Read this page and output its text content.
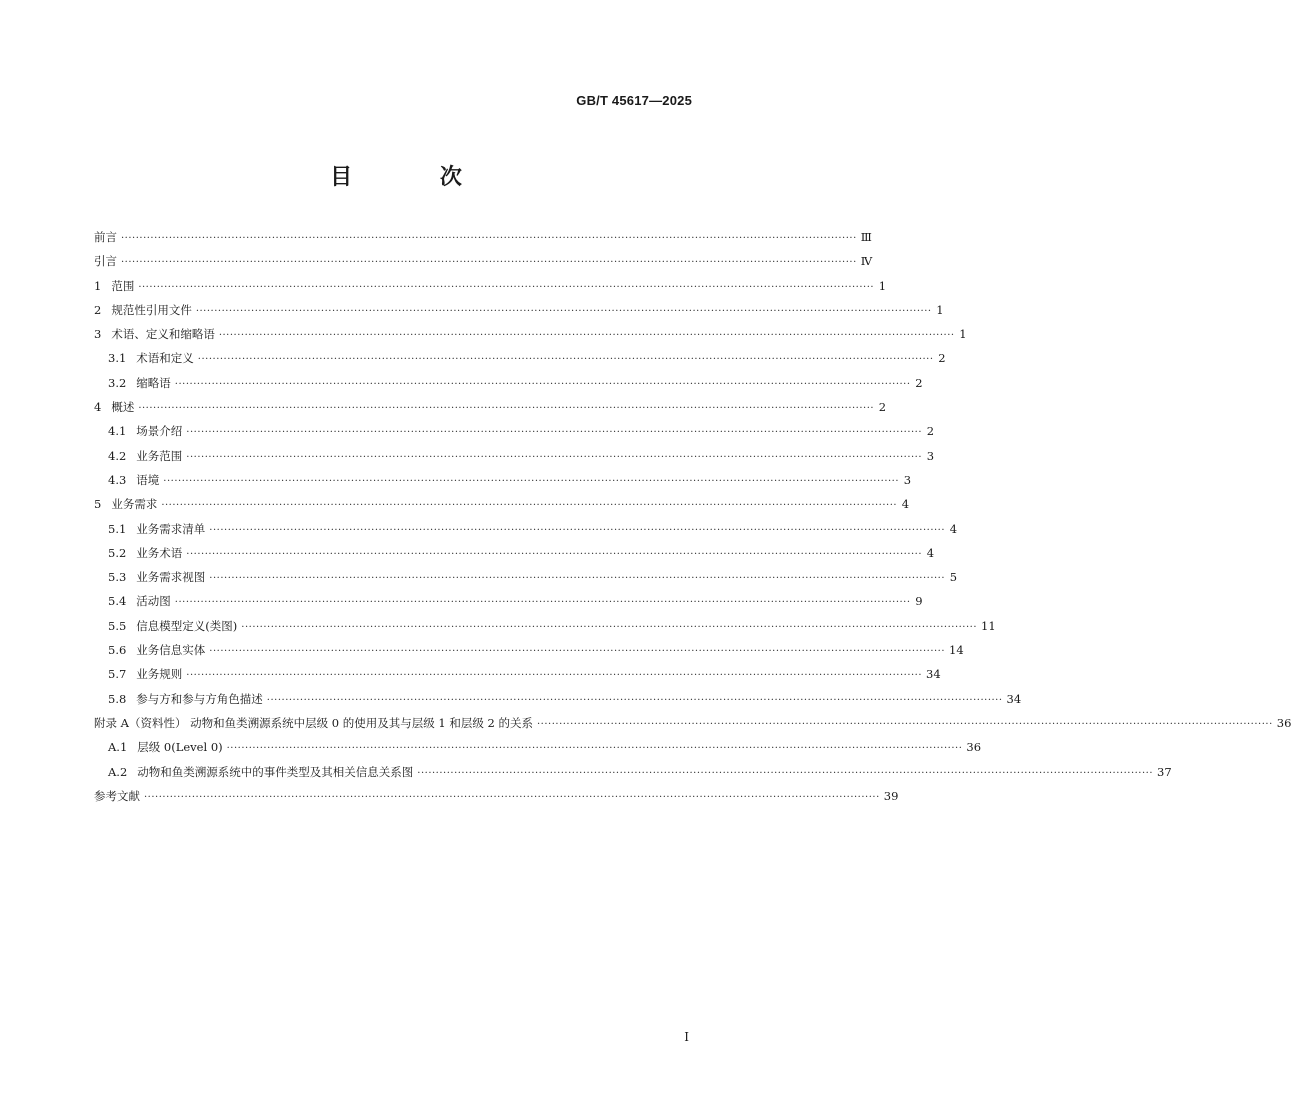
GB/T 45617—2025
目 次
前言 ········································································································································································································ Ⅲ
引言 ········································································································································································································ Ⅳ
1 范围 ········································································································································································································ 1
2 规范性引用文件 ········································································································································································································ 1
3 术语、定义和缩略语 ········································································································································································································ 1
3.1 术语和定义 ········································································································································································································ 2
3.2 缩略语 ········································································································································································································ 2
4 概述 ········································································································································································································ 2
4.1 场景介绍 ········································································································································································································ 2
4.2 业务范围 ········································································································································································································ 3
4.3 语境 ········································································································································································································ 3
5 业务需求 ········································································································································································································ 4
5.1 业务需求清单 ········································································································································································································ 4
5.2 业务术语 ········································································································································································································ 4
5.3 业务需求视图 ········································································································································································································ 5
5.4 活动图 ········································································································································································································ 9
5.5 信息模型定义(类图) ········································································································································································································ 11
5.6 业务信息实体 ········································································································································································································ 14
5.7 业务规则 ········································································································································································································ 34
5.8 参与方和参与方角色描述 ········································································································································································································ 34
附录 A（资料性） 动物和鱼类溯源系统中层级 0 的使用及其与层级 1 和层级 2 的关系 ········································································································································································································ 36
A.1 层级 0(Level 0) ········································································································································································································ 36
A.2 动物和鱼类溯源系统中的事件类型及其相关信息关系图 ········································································································································································································ 37
参考文献 ········································································································································································································ 39
I
